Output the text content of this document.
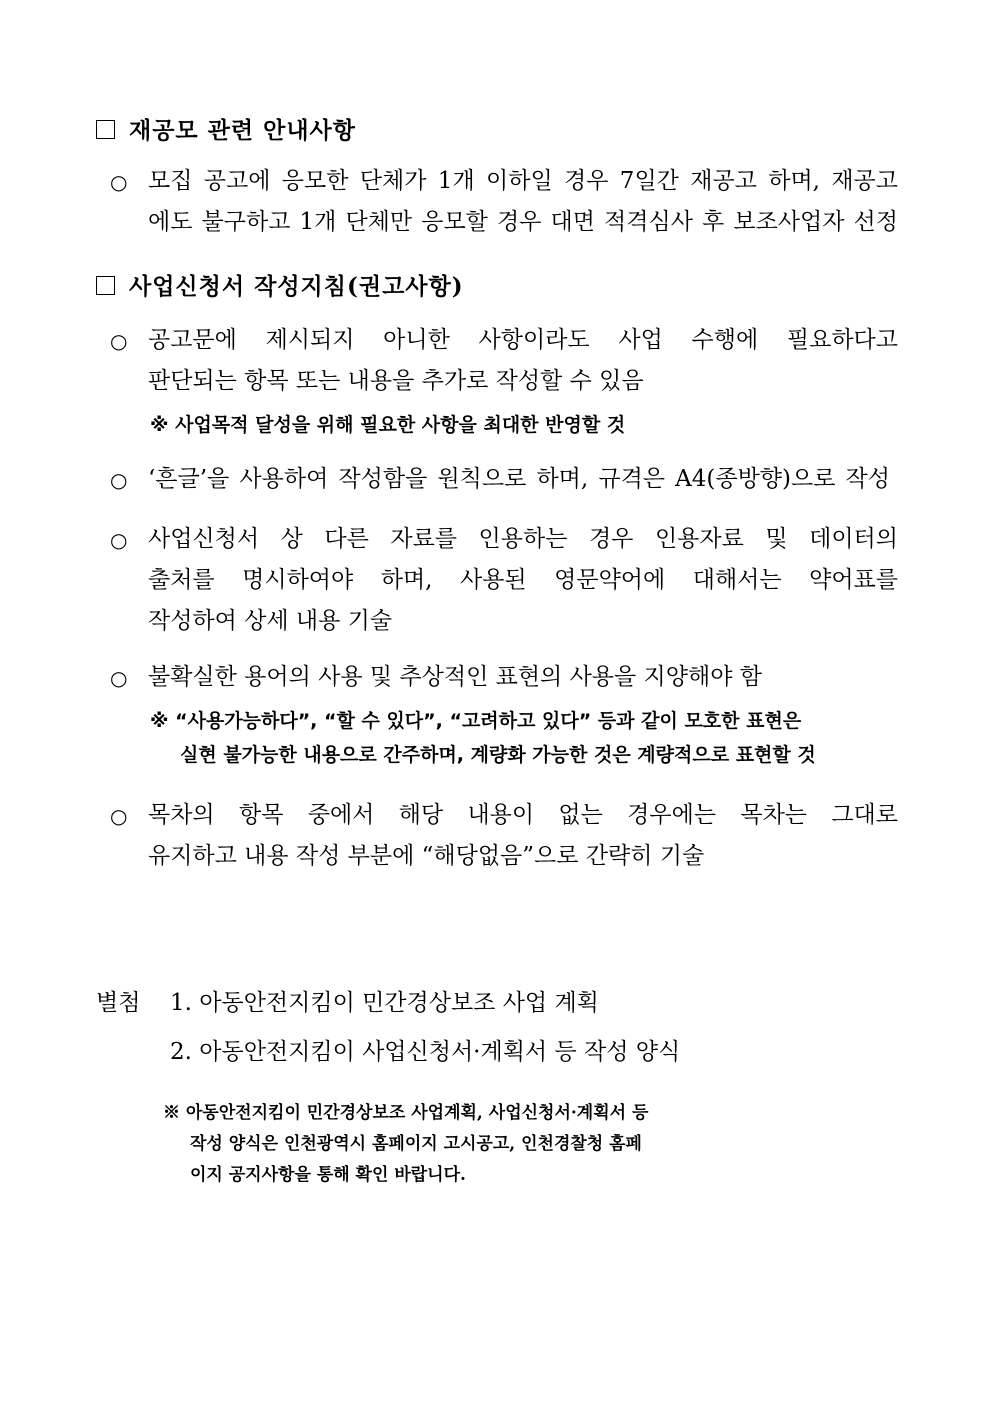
재공모 관련 안내사항
○ 모집 공고에 응모한 단체가 1개 이하일 경우 7일간 재공고 하며, 재공고
에도 불구하고 1개 단체만 응모할 경우 대면 적격심사 후 보조사업자 선정
사업신청서 작성지침(권고사항)
○ 공고문에 제시되지 아니한 사항이라도 사업 수행에 필요하다고
판단되는 항목 또는 내용을 추가로 작성할 수 있음
※ 사업목적 달성을 위해 필요한 사항을 최대한 반영할 것
○ ‘흔글’을 사용하여 작성함을 원칙으로 하며, 규격은 A4(종방향)으로 작성
○ 사업신청서 상 다른 자료를 인용하는 경우 인용자료 및 데이터의
출처를 명시하여야 하며, 사용된 영문약어에 대해서는 약어표를
작성하여 상세 내용 기술
○ 불확실한 용어의 사용 및 추상적인 표현의 사용을 지양해야 함
※ “사용가능하다”, “할 수 있다”, “고려하고 있다” 등과 같이 모호한 표현은
실현 불가능한 내용으로 간주하며, 계량화 가능한 것은 계량적으로 표현할 것
○ 목차의 항목 중에서 해당 내용이 없는 경우에는 목차는 그대로
유지하고 내용 작성 부분에 “해당없음”으로 간략히 기술
별첨 1. 아동안전지킴이 민간경상보조 사업 계획
2. 아동안전지킴이 사업신청서·계획서 등 작성 양식
※ 아동안전지킴이 민간경상보조 사업계획, 사업신청서·계획서 등
작성 양식은 인천광역시 홈페이지 고시공고, 인천경찰청 홈페
이지 공지사항을 통해 확인 바랍니다.
